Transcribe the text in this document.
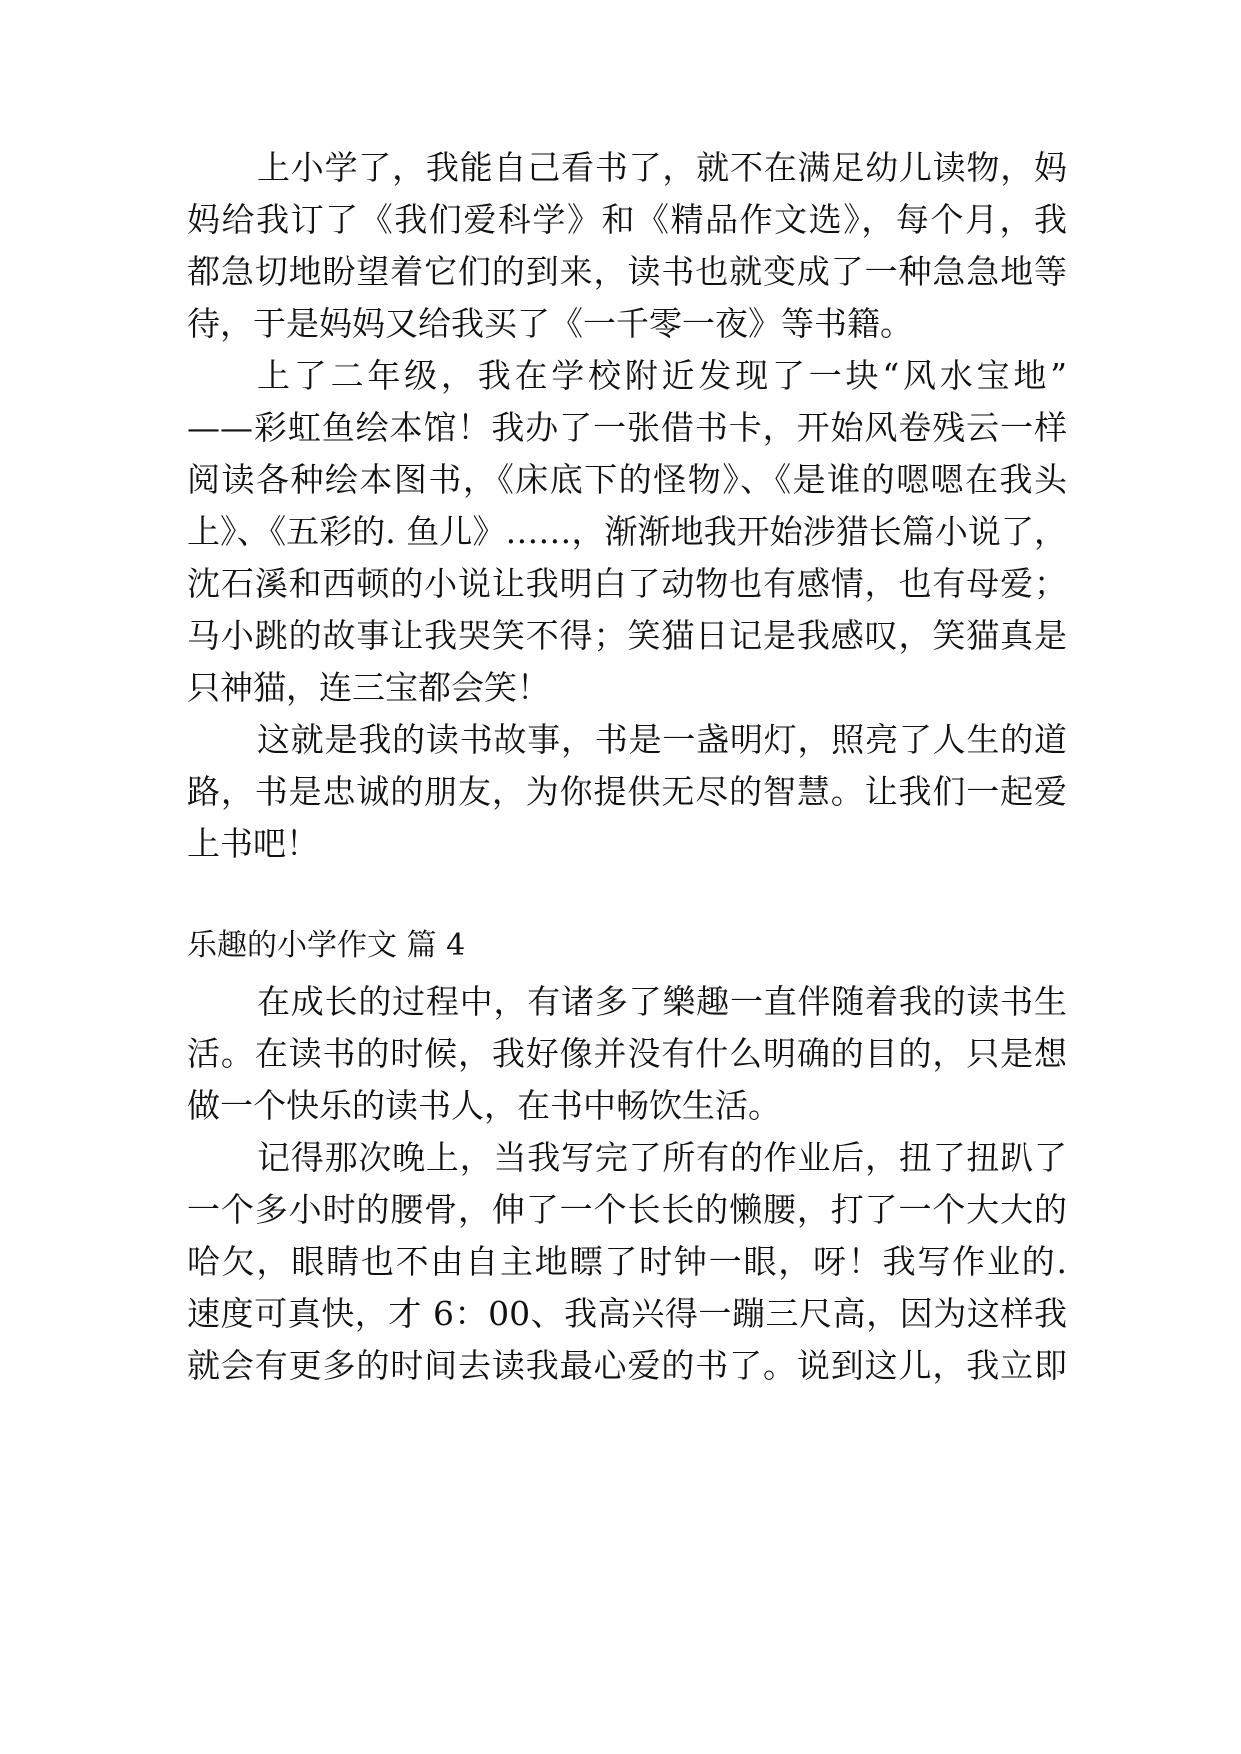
上小学了，我能自己看书了，就不在满足幼儿读物，妈
妈给我订了《我们爱科学》和《精品作文选》，每个月，我
都急切地盼望着它们的到来，读书也就变成了一种急急地等
待，于是妈妈又给我买了《一千零一夜》等书籍。
上了二年级，我在学校附近发现了一块“风水宝地”
——彩虹鱼绘本馆！我办了一张借书卡，开始风卷残云一样
阅读各种绘本图书，《床底下的怪物》、《是谁的嗯嗯在我头
上》、《五彩的. 鱼儿》……，渐渐地我开始涉猎长篇小说了，
沈石溪和西顿的小说让我明白了动物也有感情，也有母爱；
马小跳的故事让我哭笑不得；笑猫日记是我感叹，笑猫真是
只神猫，连三宝都会笑！
这就是我的读书故事，书是一盏明灯，照亮了人生的道
路，书是忠诚的朋友，为你提供无尽的智慧。让我们一起爱
上书吧！
乐趣的小学作文 篇 4
在成长的过程中，有诸多了樂趣一直伴随着我的读书生
活。在读书的时候，我好像并没有什么明确的目的，只是想
做一个快乐的读书人，在书中畅饮生活。
记得那次晚上，当我写完了所有的作业后，扭了扭趴了
一个多小时的腰骨，伸了一个长长的懒腰，打了一个大大的
哈欠，眼睛也不由自主地瞟了时钟一眼，呀！我写作业的.
速度可真快，才 6：00、我高兴得一蹦三尺高，因为这样我
就会有更多的时间去读我最心爱的书了。说到这儿，我立即
